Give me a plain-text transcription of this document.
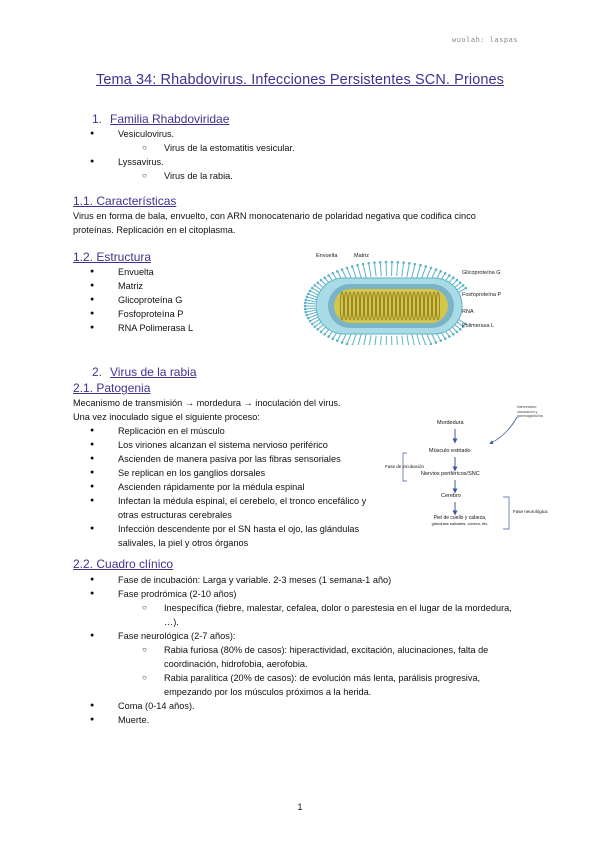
wuolah: laspas
Tema 34: Rhabdovirus. Infecciones Persistentes SCN. Priones
1. Familia Rhabdoviridae
● Vesiculovirus.
○ Virus de la estomatitis vesicular.
● Lyssavirus.
○ Virus de la rabia.
1.1. Características
Virus en forma de bala, envuelto, con ARN monocatenario de polaridad negativa que codifica cinco
proteínas. Replicación en el citoplasma.
1.2. Estructura
● Envuelta
● Matriz
● Glicoproteína G
● Fosfoproteína P
● RNA Polimerasa L
Envuelta	Matriz
Glicoproteína G
Fosfoproteína P
RNA
Polimerasa L
2. Virus de la rabia
2.1. Patogenia
Mecanismo de transmisión → mordedura → inoculación del virus.
Una vez inoculado sigue el siguiente proceso:
● Replicación en el músculo
● Los viriones alcanzan el sistema nervioso periférico
● Ascienden de manera pasiva por las fibras sensoriales
● Se replican en los ganglios dorsales
● Ascienden rápidamente por la médula espinal
● Infectan la médula espinal, el cerebelo, el tronco encefálico y otras estructuras cerebrales
● Infección descendente por el SN hasta el ojo, las glándulas salivales, la piel y otros órganos
Mordedura
Músculo estriado
Nervios periféricos/SNC
Cerebro
Piel de cuello y cabeza,
glándulas salivales, córnea, etc.
Fase de incubación
Fase neurológica
Intervención:
vacunación y
gammaglobulina
2.2. Cuadro clínico
● Fase de incubación: Larga y variable. 2-3 meses (1 semana-1 año)
● Fase prodrómica (2-10 años)
○ Inespecífica (fiebre, malestar, cefalea, dolor o parestesia en el lugar de la mordedura,
…).
● Fase neurológica (2-7 años):
○ Rabia furiosa (80% de casos): hiperactividad, excitación, alucinaciones, falta de
coordinación, hidrofobia, aerofobia.
○ Rabia paralítica (20% de casos): de evolución más lenta, parálisis progresiva,
empezando por los músculos próximos a la herida.
● Coma (0-14 años).
● Muerte.
1
